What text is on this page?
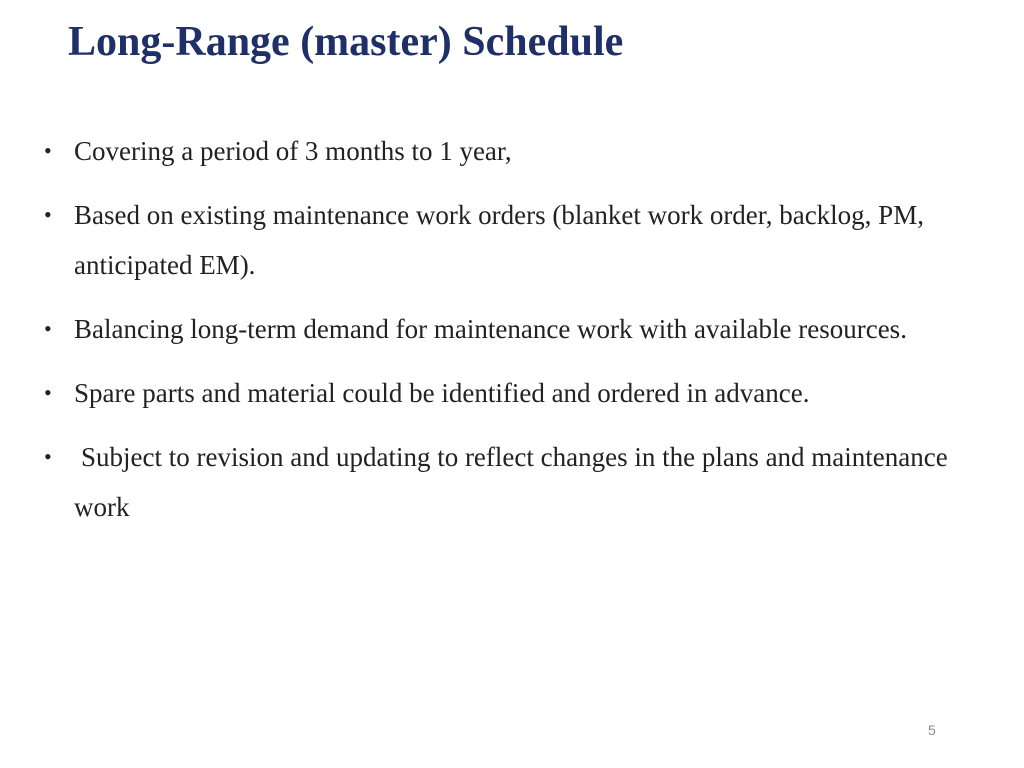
Long-Range (master) Schedule
• Covering a period of 3 months to 1 year,
• Based on existing maintenance work orders (blanket work order, backlog, PM, anticipated EM).
• Balancing long-term demand for maintenance work with available resources.
• Spare parts and material could be identified and ordered in advance.
•	Subject to revision and updating to reflect changes in the plans and maintenance work
5
